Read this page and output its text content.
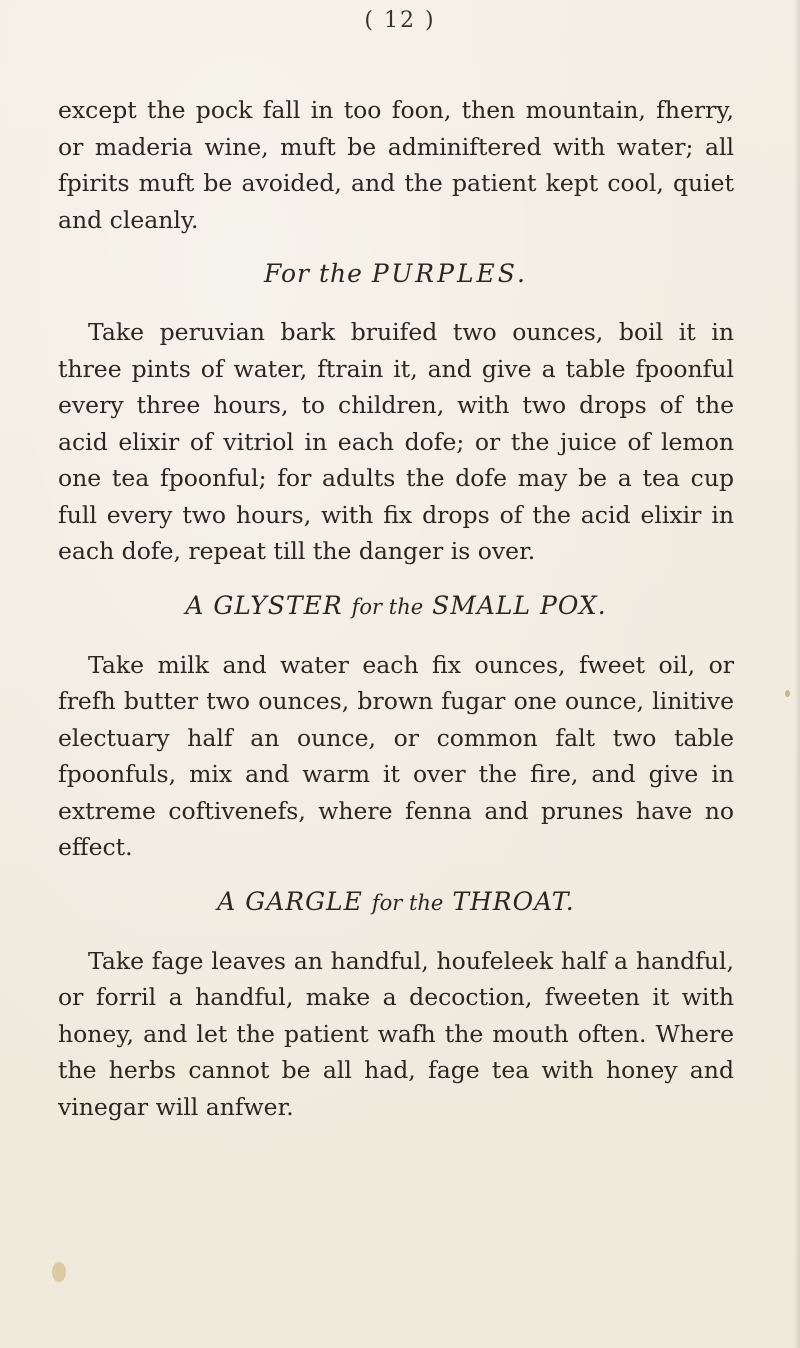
( 12 )

except the pock fall in too foon, then mountain, fherry, or maderia wine, muft be adminiftered with water; all fpirits muft be avoided, and the patient kept cool, quiet and cleanly.

For the PURPLES.

Take peruvian bark bruifed two ounces, boil it in three pints of water, ftrain it, and give a table fpoonful every three hours, to children, with two drops of the acid elixir of vitriol in each dofe; or the juice of lemon one tea fpoonful; for adults the dofe may be a tea cup full every two hours, with fix drops of the acid elixir in each dofe, repeat till the danger is over.

A GLYSTER for the SMALL POX.

Take milk and water each fix ounces, fweet oil, or frefh butter two ounces, brown fugar one ounce, linitive electuary half an ounce, or common falt two table fpoonfuls, mix and warm it over the fire, and give in extreme coftivenefs, where fenna and prunes have no effect.

A GARGLE for the THROAT.

Take fage leaves an handful, houfeleek half a handful, or forril a handful, make a decoction, fweeten it with honey, and let the patient wafh the mouth often. Where the herbs cannot be all had, fage tea with honey and vinegar will anfwer.
